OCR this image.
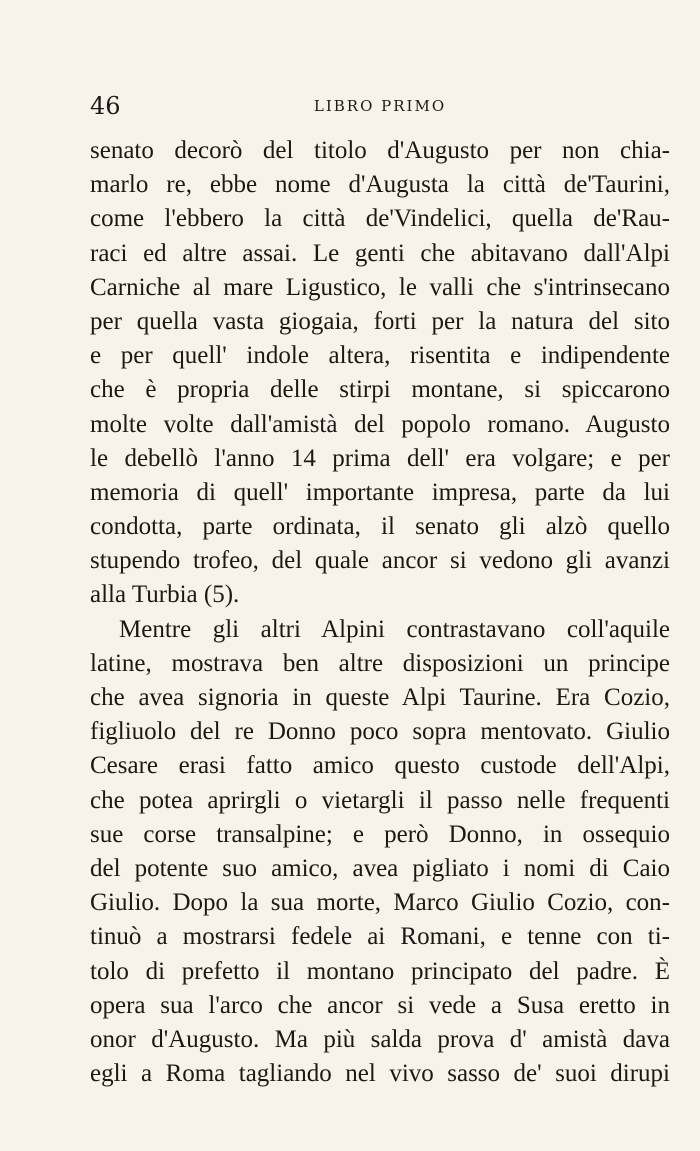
46	LIBRO PRIMO
senato decorò del titolo d'Augusto per non chia-
marlo re, ebbe nome d'Augusta la città de'Taurini,
come l'ebbero la città de'Vindelici, quella de'Rau-
raci ed altre assai. Le genti che abitavano dall'Alpi
Carniche al mare Ligustico, le valli che s'intrinsecano
per quella vasta giogaia, forti per la natura del sito
e per quell' indole altera, risentita e indipendente
che è propria delle stirpi montane, si spiccarono
molte volte dall'amistà del popolo romano. Augusto
le debellò l'anno 14 prima dell' era volgare; e per
memoria di quell' importante impresa, parte da lui
condotta, parte ordinata, il senato gli alzò quello
stupendo trofeo, del quale ancor si vedono gli avanzi
alla Turbia (5).
Mentre gli altri Alpini contrastavano coll'aquile
latine, mostrava ben altre disposizioni un principe
che avea signoria in queste Alpi Taurine. Era Cozio,
figliuolo del re Donno poco sopra mentovato. Giulio
Cesare erasi fatto amico questo custode dell'Alpi,
che potea aprirgli o vietargli il passo nelle frequenti
sue corse transalpine; e però Donno, in ossequio
del potente suo amico, avea pigliato i nomi di Caio
Giulio. Dopo la sua morte, Marco Giulio Cozio, con-
tinuò a mostrarsi fedele ai Romani, e tenne con ti-
tolo di prefetto il montano principato del padre. È
opera sua l'arco che ancor si vede a Susa eretto in
onor d'Augusto. Ma più salda prova d' amistà dava
egli a Roma tagliando nel vivo sasso de' suoi dirupi
